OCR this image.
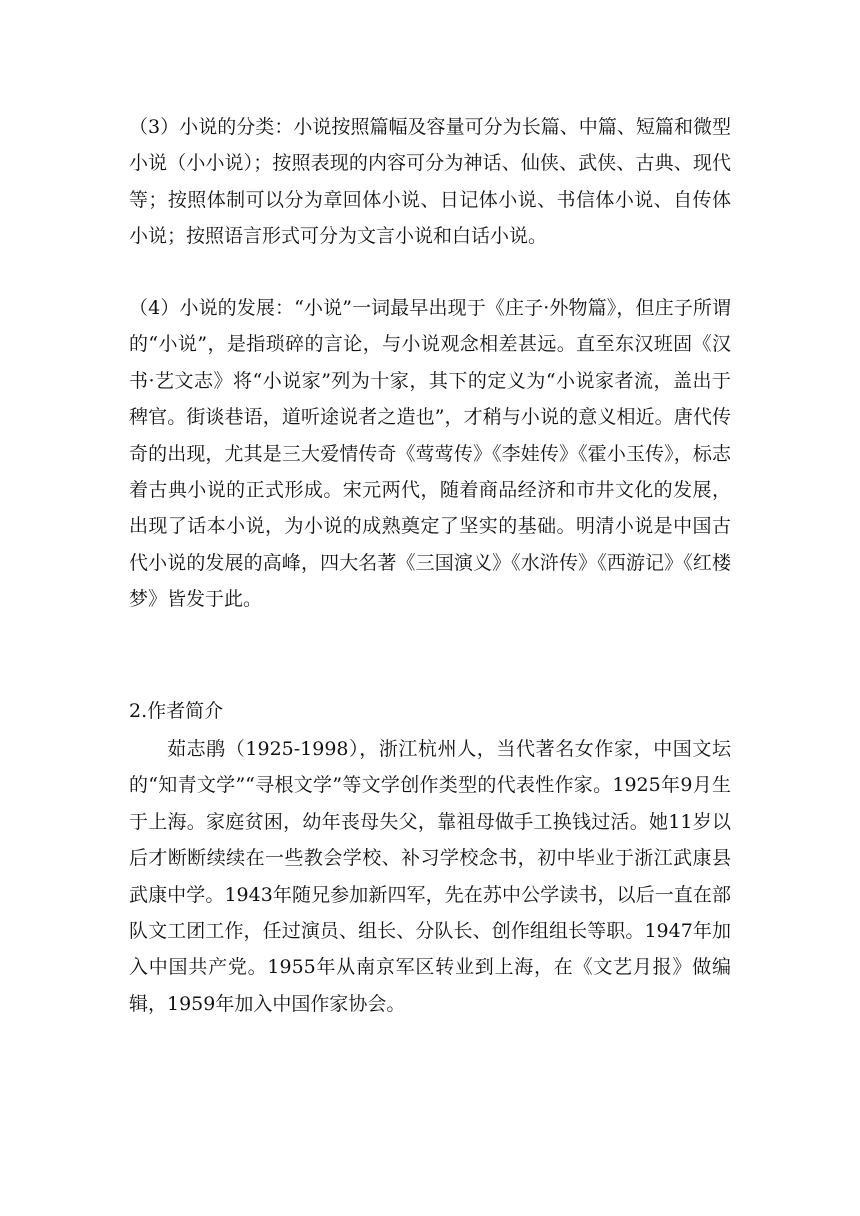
（3）小说的分类：小说按照篇幅及容量可分为长篇、中篇、短篇和微型小说（小小说）；按照表现的内容可分为神话、仙侠、武侠、古典、现代等；按照体制可以分为章回体小说、日记体小说、书信体小说、自传体小说；按照语言形式可分为文言小说和白话小说。

（4）小说的发展：“小说”一词最早出现于《庄子·外物篇》，但庄子所谓的“小说”，是指琐碎的言论，与小说观念相差甚远。直至东汉班固《汉书·艺文志》将“小说家”列为十家，其下的定义为“小说家者流，盖出于稗官。街谈巷语，道听途说者之造也”，才稍与小说的意义相近。唐代传奇的出现，尤其是三大爱情传奇《莺莺传》《李娃传》《霍小玉传》，标志着古典小说的正式形成。宋元两代，随着商品经济和市井文化的发展，出现了话本小说，为小说的成熟奠定了坚实的基础。明清小说是中国古代小说的发展的高峰，四大名著《三国演义》《水浒传》《西游记》《红楼梦》皆发于此。

2.作者简介

茹志鹃（1925-1998），浙江杭州人，当代著名女作家，中国文坛的“知青文学”“寻根文学”等文学创作类型的代表性作家。1925年9月生于上海。家庭贫困，幼年丧母失父，靠祖母做手工换钱过活。她11岁以后才断断续续在一些教会学校、补习学校念书，初中毕业于浙江武康县武康中学。1943年随兄参加新四军，先在苏中公学读书，以后一直在部队文工团工作，任过演员、组长、分队长、创作组组长等职。1947年加入中国共产党。1955年从南京军区转业到上海，在《文艺月报》做编辑，1959年加入中国作家协会。
